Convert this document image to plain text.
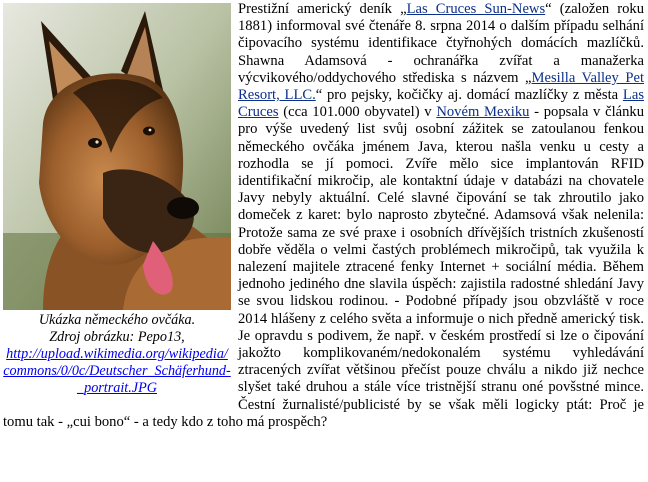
Ukázka německého ovčáka.
Zdroj obrázku: Pepo13,
http://upload.wikimedia.org/wikipedia/commons/0/0c/Deutscher_Schäferhund-_portrait.JPG

Prestižní americký deník „Las Cruces Sun-News“ (založen roku 1881) informoval své čtenáře 8. srpna 2014 o dalším případu selhání čipovacího systému identifikace čtyřnohých domácích mazlíčků. Shawna Adamsová - ochranářka zvířat a manažerka výcvikového/oddychového střediska s názvem „Mesilla Valley Pet Resort, LLC.“ pro pejsky, kočičky aj. domácí mazlíčky z města Las Cruces (cca 101.000 obyvatel) v Novém Mexiku - popsala v článku pro výše uvedený list svůj osobní zážitek se zatoulanou fenkou německého ovčáka jménem Java, kterou našla venku u cesty a rozhodla se jí pomoci. Zvíře mělo sice implantován RFID identifikační mikročip, ale kontaktní údaje v databázi na chovatele Javy nebyly aktuální. Celé slavné čipování se tak zhroutilo jako domeček z karet: bylo naprosto zbytečné. Adamsová však nelenila: Protože sama ze své praxe i osobních dřívějších tristních zkušeností dobře věděla o velmi častých problémech mikročipů, tak využila k nalezení majitele ztracené fenky Internet + sociální média. Během jednoho jediného dne slavila úspěch: zajistila radostné shledání Javy se svou lidskou rodinou. - Podobné případy jsou obzvláště v roce 2014 hlášeny z celého světa a informuje o nich předně americký tisk. Je opravdu s podivem, že např. v českém prostředí si lze o čipování jakožto komplikovaném/nedokonalém systému vyhledávání ztracených zvířat většinou přečíst pouze chválu a nikdo již nechce slyšet také druhou a stále více tristnější stranu oné povšstné mince. Čestní žurnalisté/publicisté by se však měli logicky ptát: Proč je tomu tak - „cui bono“ - a tedy kdo z toho má prospěch?
